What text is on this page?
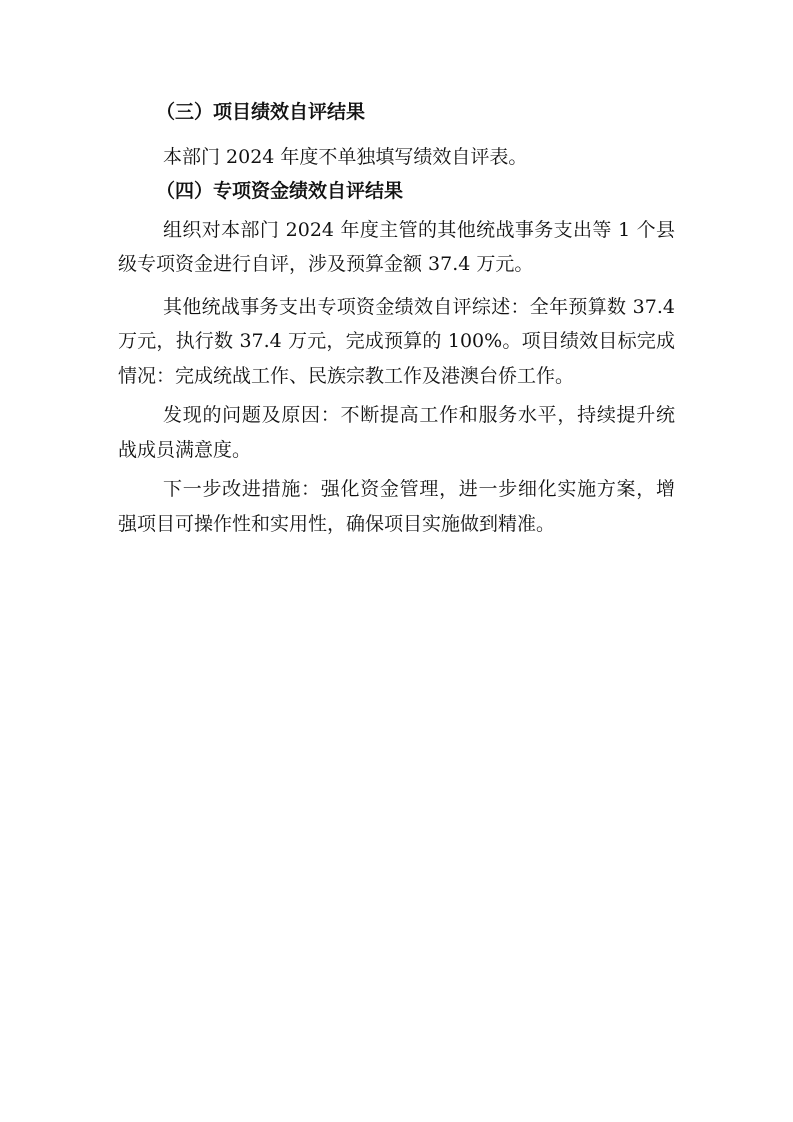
（三）项目绩效自评结果

本部门 2024 年度不单独填写绩效自评表。

（四）专项资金绩效自评结果

组织对本部门 2024 年度主管的其他统战事务支出等 1 个县级专项资金进行自评，涉及预算金额 37.4 万元。

其他统战事务支出专项资金绩效自评综述：全年预算数 37.4 万元，执行数 37.4 万元，完成预算的 100%。项目绩效目标完成情况：完成统战工作、民族宗教工作及港澳台侨工作。

发现的问题及原因：不断提高工作和服务水平，持续提升统战成员满意度。

下一步改进措施：强化资金管理，进一步细化实施方案，增强项目可操作性和实用性，确保项目实施做到精准。
